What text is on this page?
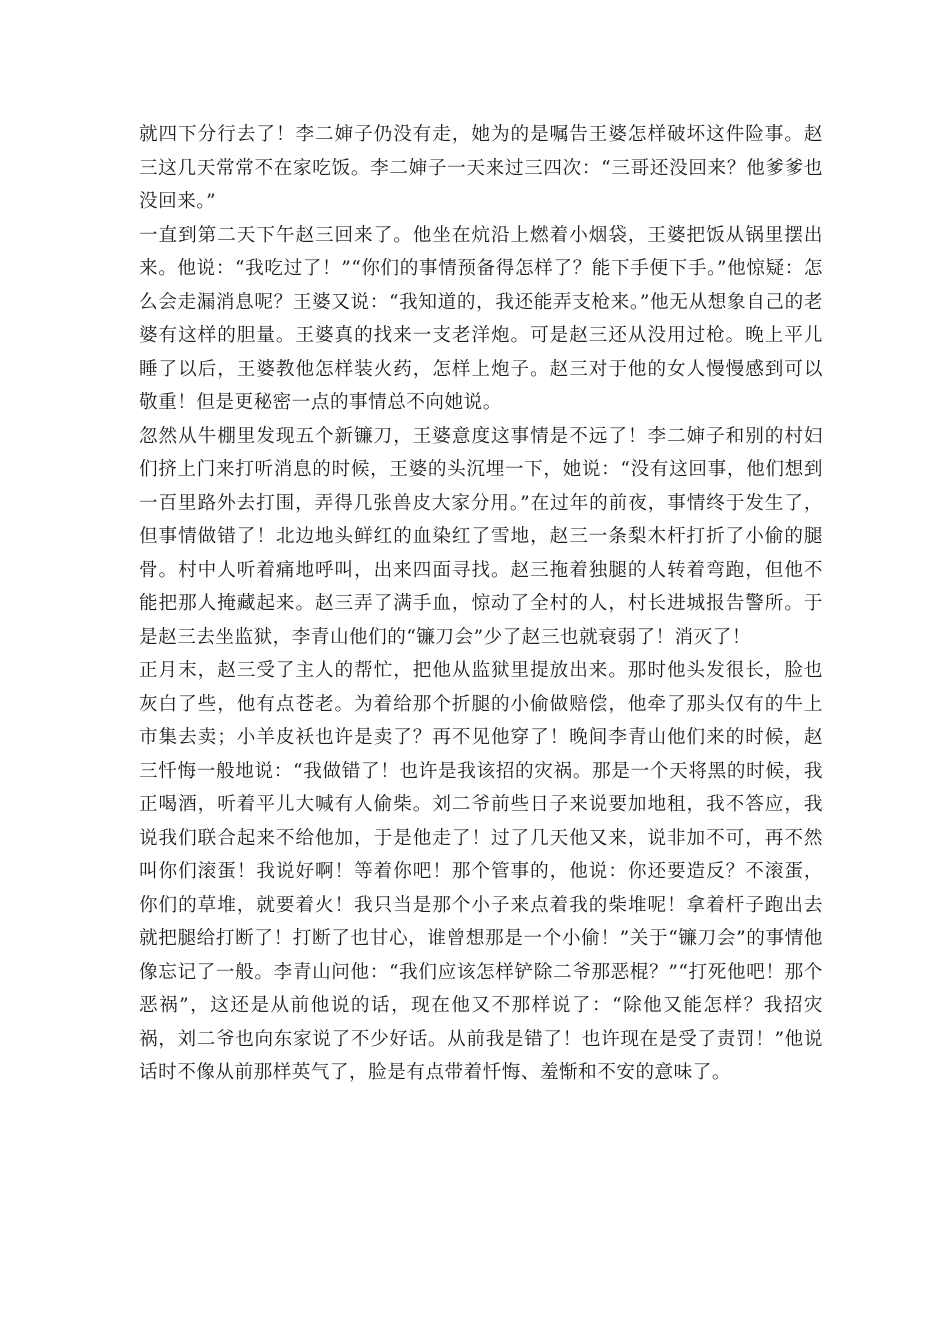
就四下分行去了！李二婶子仍没有走，她为的是嘱告王婆怎样破坏这件险事。赵三这几天常常不在家吃饭。李二婶子一天来过三四次：“三哥还没回来？他爹爹也没回来。”

一直到第二天下午赵三回来了。他坐在炕沿上燃着小烟袋，王婆把饭从锅里摆出来。他说：“我吃过了！”“你们的事情预备得怎样了？能下手便下手。”他惊疑：怎么会走漏消息呢？王婆又说：“我知道的，我还能弄支枪来。”他无从想象自己的老婆有这样的胆量。王婆真的找来一支老洋炮。可是赵三还从没用过枪。晚上平儿睡了以后，王婆教他怎样装火药，怎样上炮子。赵三对于他的女人慢慢感到可以敬重！但是更秘密一点的事情总不向她说。

忽然从牛棚里发现五个新镰刀，王婆意度这事情是不远了！李二婶子和别的村妇们挤上门来打听消息的时候，王婆的头沉埋一下，她说：“没有这回事，他们想到一百里路外去打围，弄得几张兽皮大家分用。”在过年的前夜，事情终于发生了，但事情做错了！北边地头鲜红的血染红了雪地，赵三一条梨木杆打折了小偷的腿骨。村中人听着痛地呼叫，出来四面寻找。赵三拖着独腿的人转着弯跑，但他不能把那人掩藏起来。赵三弄了满手血，惊动了全村的人，村长进城报告警所。于是赵三去坐监狱，李青山他们的“镰刀会”少了赵三也就衰弱了！消灭了！

正月末，赵三受了主人的帮忙，把他从监狱里提放出来。那时他头发很长，脸也灰白了些，他有点苍老。为着给那个折腿的小偷做赔偿，他牵了那头仅有的牛上市集去卖；小羊皮袄也许是卖了？再不见他穿了！晚间李青山他们来的时候，赵三忏悔一般地说：“我做错了！也许是我该招的灾祸。那是一个天将黑的时候，我正喝酒，听着平儿大喊有人偷柴。刘二爷前些日子来说要加地租，我不答应，我说我们联合起来不给他加，于是他走了！过了几天他又来，说非加不可，再不然叫你们滚蛋！我说好啊！等着你吧！那个管事的，他说：你还要造反？不滚蛋，你们的草堆，就要着火！我只当是那个小子来点着我的柴堆呢！拿着杆子跑出去就把腿给打断了！打断了也甘心，谁曾想那是一个小偷！”关于“镰刀会”的事情他像忘记了一般。李青山问他：“我们应该怎样铲除二爷那恶棍？”“打死他吧！那个恶祸”，这还是从前他说的话，现在他又不那样说了：“除他又能怎样？我招灾祸，刘二爷也向东家说了不少好话。从前我是错了！也许现在是受了责罚！”他说话时不像从前那样英气了，脸是有点带着忏悔、羞惭和不安的意味了。
